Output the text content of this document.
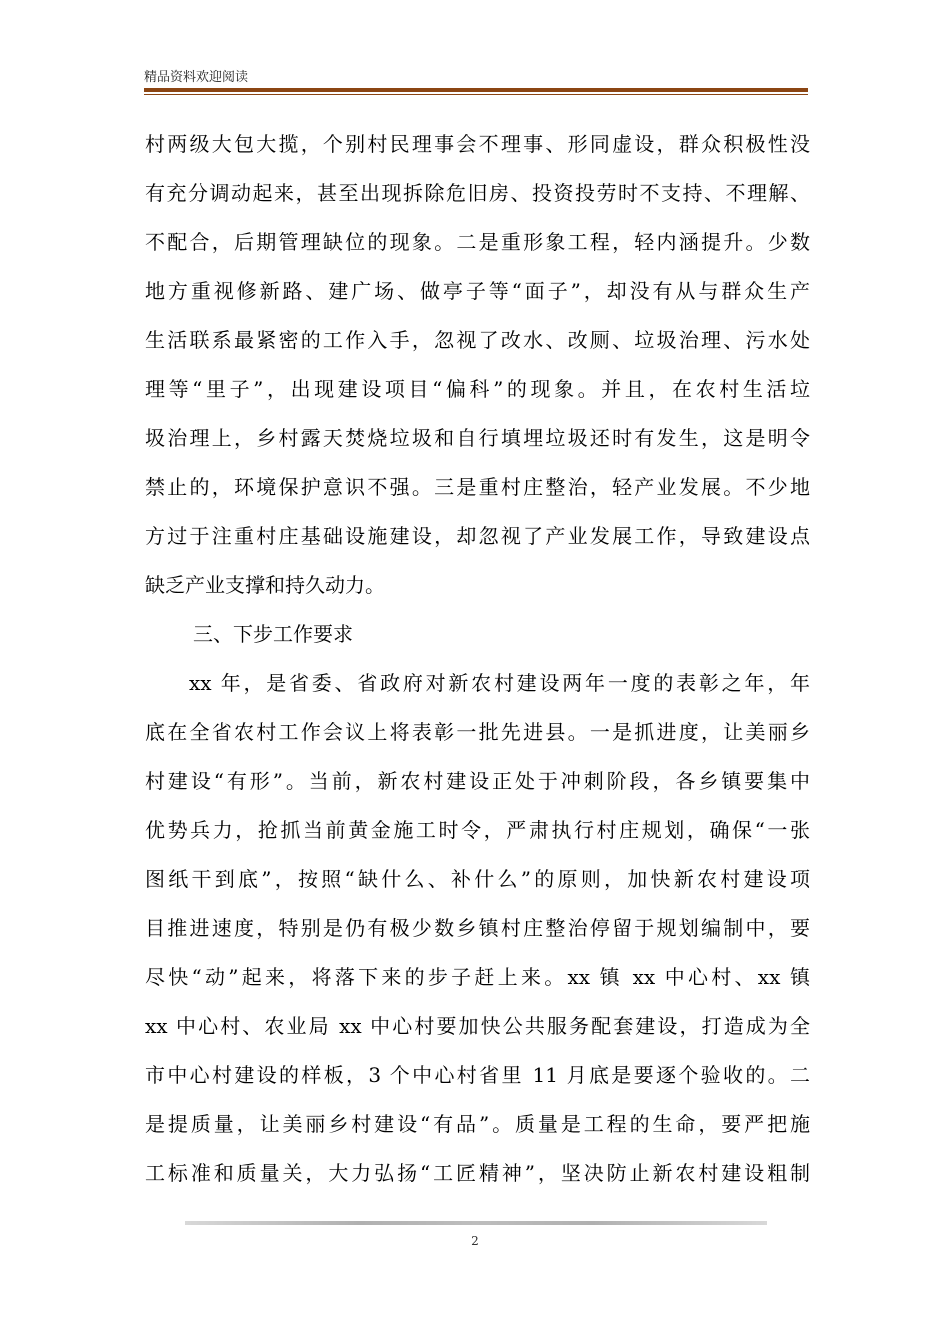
精品资料欢迎阅读
村两级大包大揽，个别村民理事会不理事、形同虚设，群众积极性没
有充分调动起来，甚至出现拆除危旧房、投资投劳时不支持、不理解、
不配合，后期管理缺位的现象。二是重形象工程，轻内涵提升。少数
地方重视修新路、建广场、做亭子等“面子”，却没有从与群众生产
生活联系最紧密的工作入手，忽视了改水、改厕、垃圾治理、污水处
理等“里子”，出现建设项目“偏科”的现象。并且，在农村生活垃
圾治理上，乡村露天焚烧垃圾和自行填埋垃圾还时有发生，这是明令
禁止的，环境保护意识不强。三是重村庄整治，轻产业发展。不少地
方过于注重村庄基础设施建设，却忽视了产业发展工作，导致建设点
缺乏产业支撑和持久动力。
三、下步工作要求
xx 年，是省委、省政府对新农村建设两年一度的表彰之年，年
底在全省农村工作会议上将表彰一批先进县。一是抓进度，让美丽乡
村建设“有形”。当前，新农村建设正处于冲刺阶段，各乡镇要集中
优势兵力，抢抓当前黄金施工时令，严肃执行村庄规划，确保“一张
图纸干到底”，按照“缺什么、补什么”的原则，加快新农村建设项
目推进速度，特别是仍有极少数乡镇村庄整治停留于规划编制中，要
尽快“动”起来，将落下来的步子赶上来。xx 镇 xx 中心村、xx 镇
xx 中心村、农业局 xx 中心村要加快公共服务配套建设，打造成为全
市中心村建设的样板，3 个中心村省里 11 月底是要逐个验收的。二
是提质量，让美丽乡村建设“有品”。质量是工程的生命，要严把施
工标准和质量关，大力弘扬“工匠精神”，坚决防止新农村建设粗制
2
